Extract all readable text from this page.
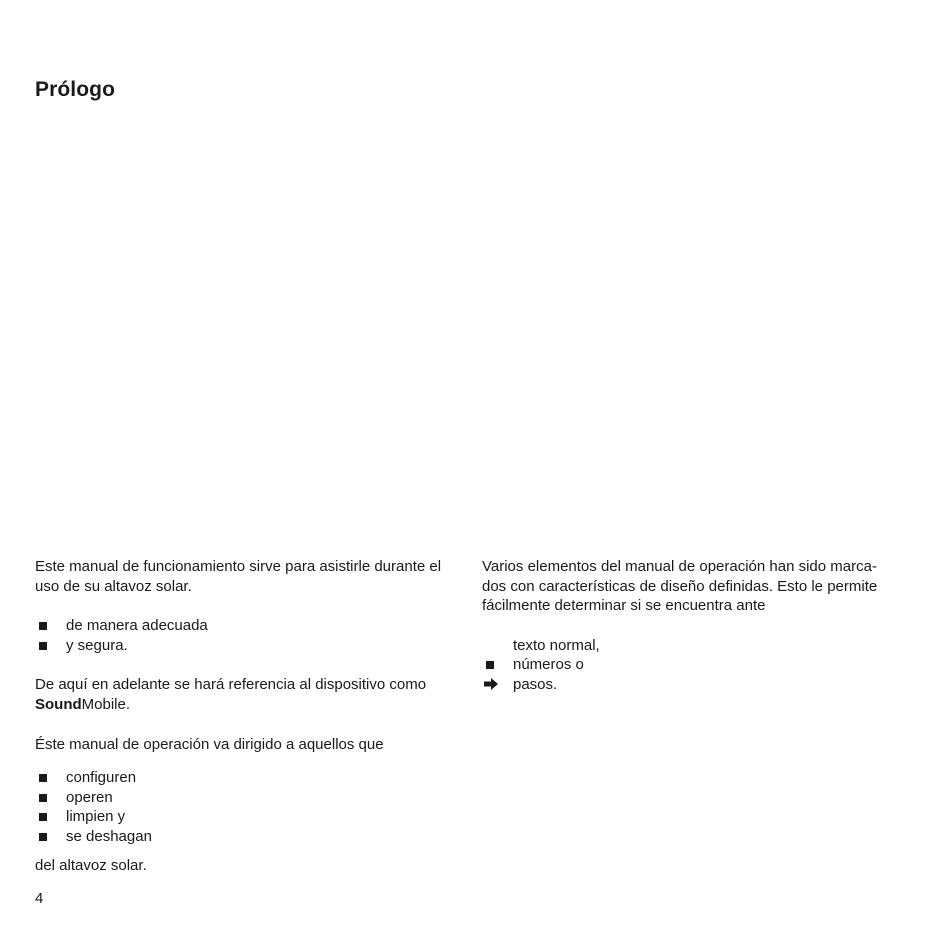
Prólogo

Este manual de funcionamiento sirve para asistirle durante el uso de su altavoz solar.

de manera adecuada
y segura.

De aquí en adelante se hará referencia al dispositivo como SoundMobile.

Éste manual de operación va dirigido a aquellos que

configuren
operen
limpien y
se deshagan

del altavoz solar.

Varios elementos del manual de operación han sido marca-dos con características de diseño definidas. Esto le permite fácilmente determinar si se encuentra ante

texto normal,
números o
pasos.
4
